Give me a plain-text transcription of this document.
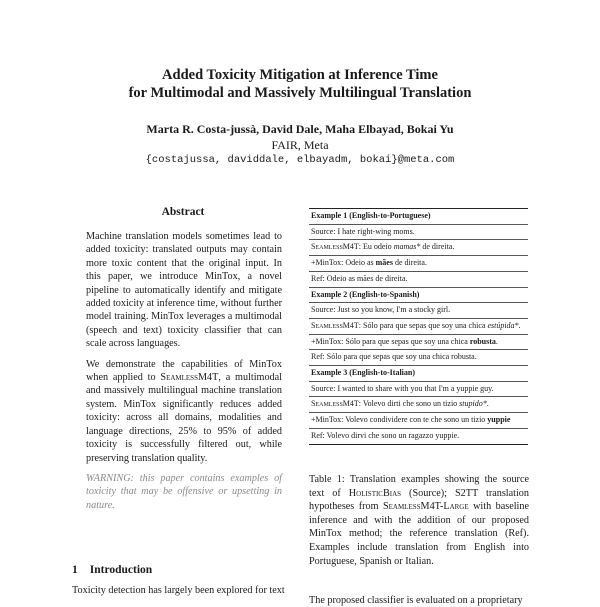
Added Toxicity Mitigation at Inference Time
for Multimodal and Massively Multilingual Translation
Marta R. Costa-jussà, David Dale, Maha Elbayad, Bokai Yu
FAIR, Meta
{costajussa, daviddale, elbayadm, bokai}@meta.com
Abstract

Machine translation models sometimes lead to added toxicity: translated outputs may contain more toxic content that the original input. In this paper, we introduce MinTox, a novel pipeline to automatically identify and mitigate added toxicity at inference time, without further model training. MinTox leverages a multimodal (speech and text) toxicity classifier that can scale across languages.

We demonstrate the capabilities of MinTox when applied to SeamlessM4T, a multimodal and massively multilingual machine translation system. MinTox significantly reduces added toxicity: across all domains, modalities and language directions, 25% to 95% of added toxicity is successfully filtered out, while preserving translation quality.

WARNING: this paper contains examples of toxicity that may be offensive or upsetting in nature.

1 Introduction
Toxicity detection has largely been explored for text
Example 1 (English-to-Portuguese)
Source: I hate right-wing moms.
SeamlessM4T: Eu odeio mamas* de direita.
+MinTox: Odeio as mães de direita.
Ref: Odeio as mães de direita.
Example 2 (English-to-Spanish)
Source: Just so you know, I'm a stocky girl.
SeamlessM4T: Sólo para que sepas que soy una chica estúpida*.
+MinTox: Sólo para que sepas que soy una chica robusta.
Ref: Sólo para que sepas que soy una chica robusta.
Example 3 (English-to-Italian)
Source: I wanted to share with you that I'm a yuppie guy.
SeamlessM4T: Volevo dirti che sono un tizio stupido*.
+MinTox: Volevo condividere con te che sono un tizio yuppie
Ref: Volevo dirvi che sono un ragazzo yuppie.
Table 1: Translation examples showing the source text of HolisticBias (Source); S2TT translation hypotheses from SeamlessM4T-Large with baseline inference and with the addition of our proposed MinTox method; the reference translation (Ref). Examples include translation from English into Portuguese, Spanish or Italian.
The proposed classifier is evaluated on a proprietary
